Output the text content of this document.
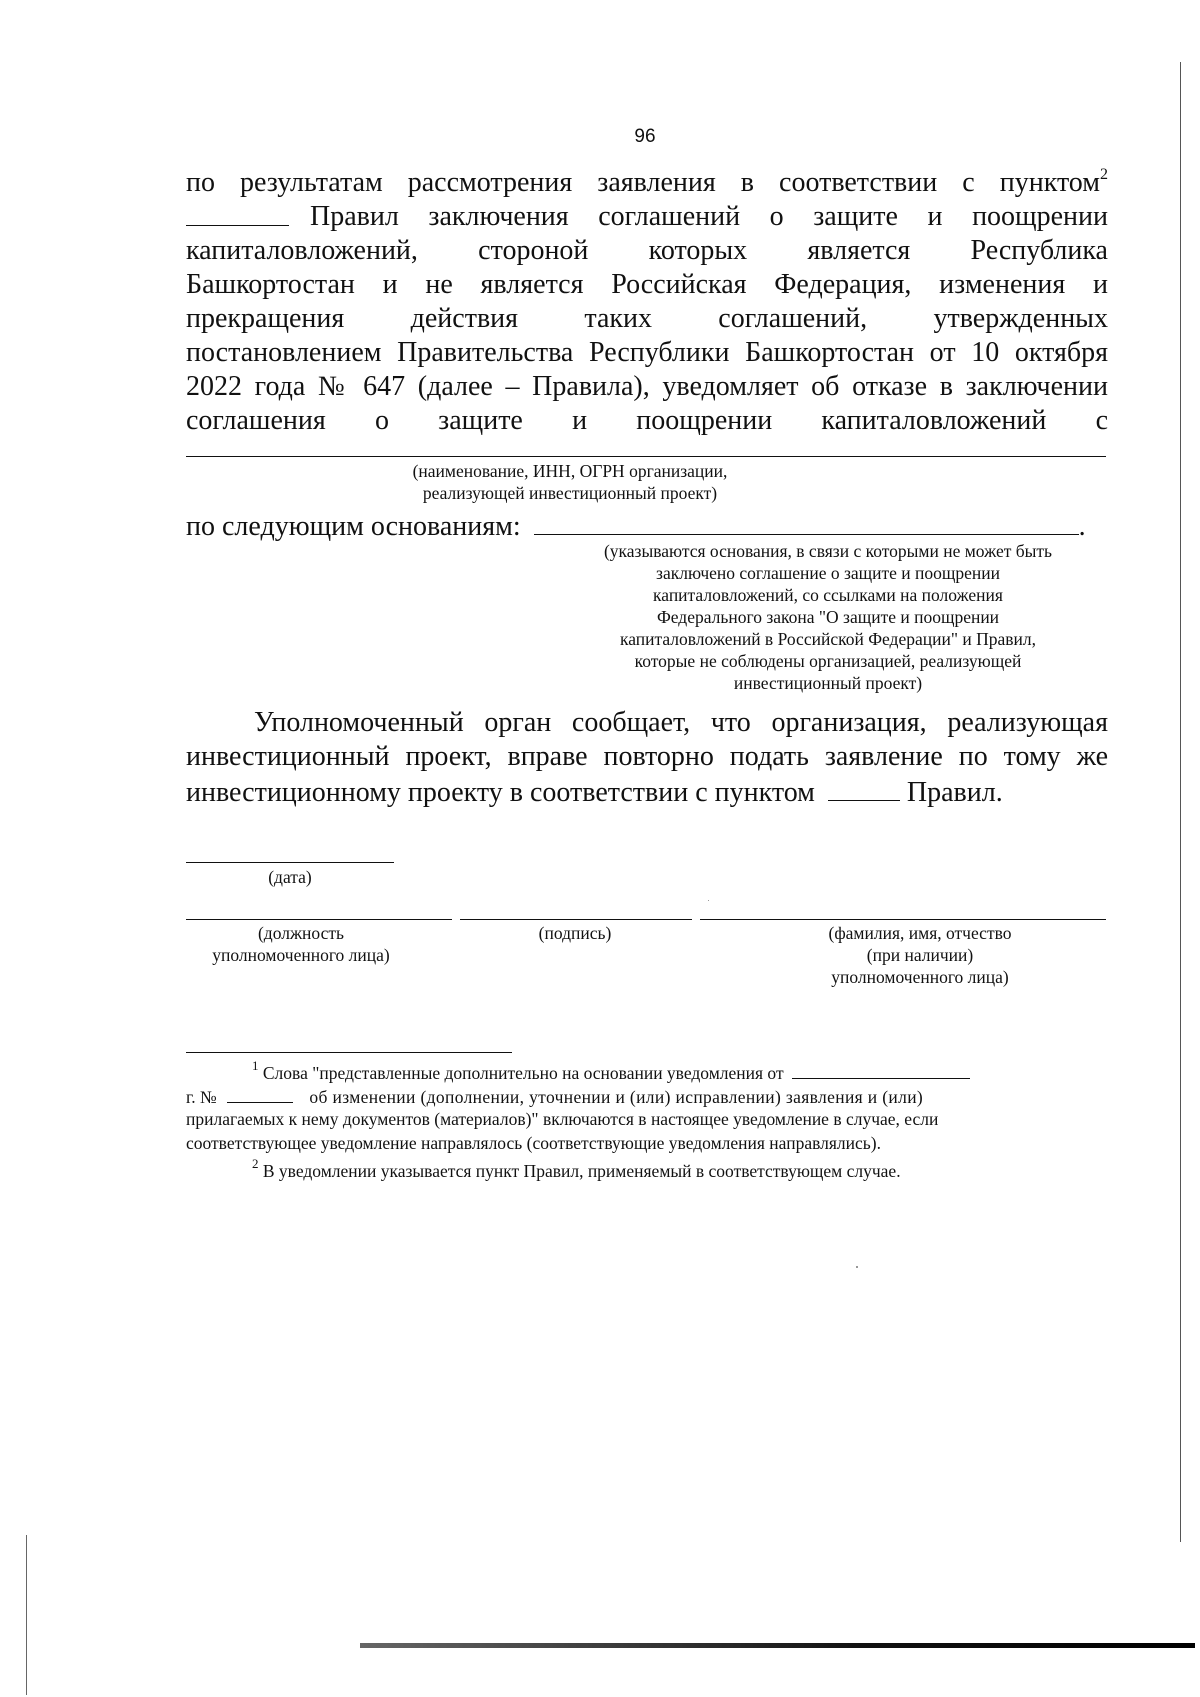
96
по результатам рассмотрения заявления в соответствии с пунктом$^2$
Правил заключения соглашений о защите и поощрении
капиталовложений, стороной которых является Республика
Башкортостан и не является Российская Федерация, изменения и
прекращения действия таких соглашений, утвержденных
постановлением Правительства Республики Башкортостан от 10 октября
2022 года № 647 (далее – Правила), уведомляет об отказе в заключении
соглашения о защите и поощрении капиталовложений с
(наименование, ИНН, ОГРН организации,
реализующей инвестиционный проект)
по следующим основаниям:	.
(указываются основания, в связи с которыми не может быть
заключено соглашение о защите и поощрении
капиталовложений, со ссылками на положения
Федерального закона "О защите и поощрении
капиталовложений в Российской Федерации" и Правил,
которые не соблюдены организацией, реализующей
инвестиционный проект)
Уполномоченный орган сообщает, что организация, реализующая
инвестиционный проект, вправе повторно подать заявление по тому же
инвестиционному проекту в соответствии с пунктом	Правил.
(дата)
(должность
уполномоченного лица)
(подпись)	(фамилия, имя, отчество
(при наличии)
уполномоченного лица)
$^1$ Слова "представленные дополнительно на основании уведомления от
г. №	об изменении (дополнении, уточнении и (или) исправлении) заявления и (или)
прилагаемых к нему документов (материалов)" включаются в настоящее уведомление в случае, если
соответствующее уведомление направлялось (соответствующие уведомления направлялись).
$^2$ В уведомлении указывается пункт Правил, применяемый в соответствующем случае.
